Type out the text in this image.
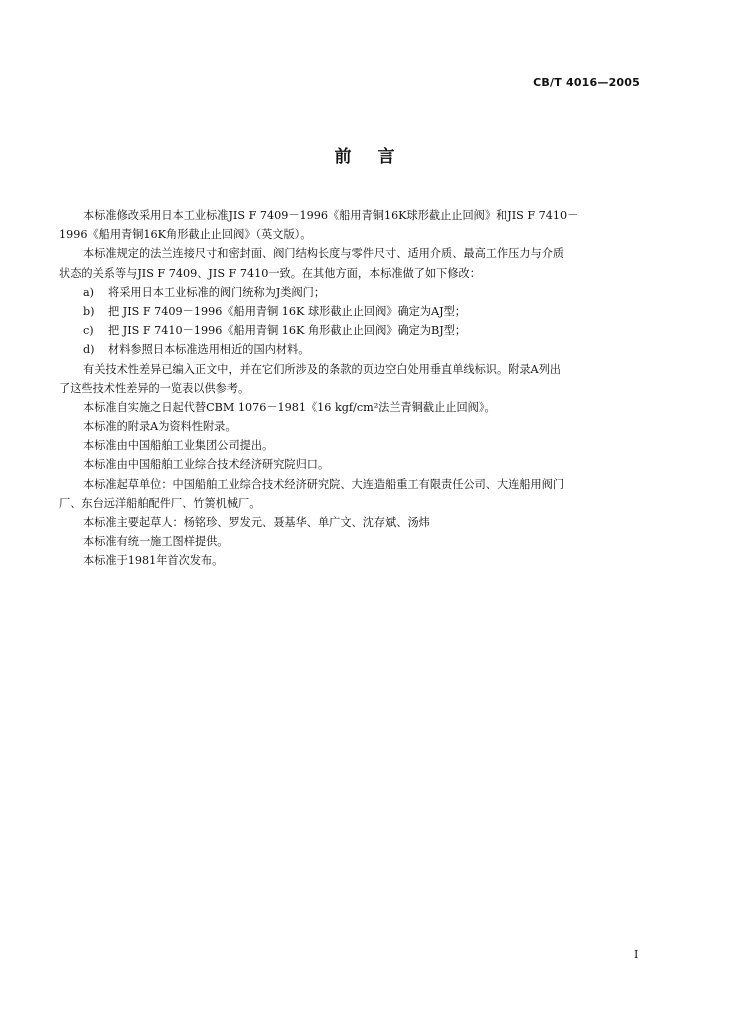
CB/T 4016—2005
前言
本标准修改采用日本工业标准JIS F 7409－1996《船用青铜16K球形截止止回阀》和JIS F 7410－
1996《船用青铜16K角形截止止回阀》（英文版）。
本标准规定的法兰连接尺寸和密封面、阀门结构长度与零件尺寸、适用介质、最高工作压力与介质
状态的关系等与JIS F 7409、JIS F 7410一致。在其他方面，本标准做了如下修改：
a) 将采用日本工业标准的阀门统称为J类阀门；
b) 把 JIS F 7409－1996《船用青铜 16K 球形截止止回阀》确定为AJ型；
c) 把 JIS F 7410－1996《船用青铜 16K 角形截止止回阀》确定为BJ型；
d) 材料参照日本标准选用相近的国内材料。
有关技术性差异已编入正文中，并在它们所涉及的条款的页边空白处用垂直单线标识。附录A列出
了这些技术性差异的一览表以供参考。
本标准自实施之日起代替CBM 1076－1981《16 kgf/cm²法兰青铜截止止回阀》。
本标准的附录A为资料性附录。
本标准由中国船舶工业集团公司提出。
本标准由中国船舶工业综合技术经济研究院归口。
本标准起草单位：中国船舶工业综合技术经济研究院、大连造船重工有限责任公司、大连船用阀门
厂、东台远洋船舶配件厂、竹箦机械厂。
本标准主要起草人：杨铭珍、罗发元、聂基华、单广文、沈存斌、汤炜
本标准有统一施工图样提供。
本标准于1981年首次发布。
I
